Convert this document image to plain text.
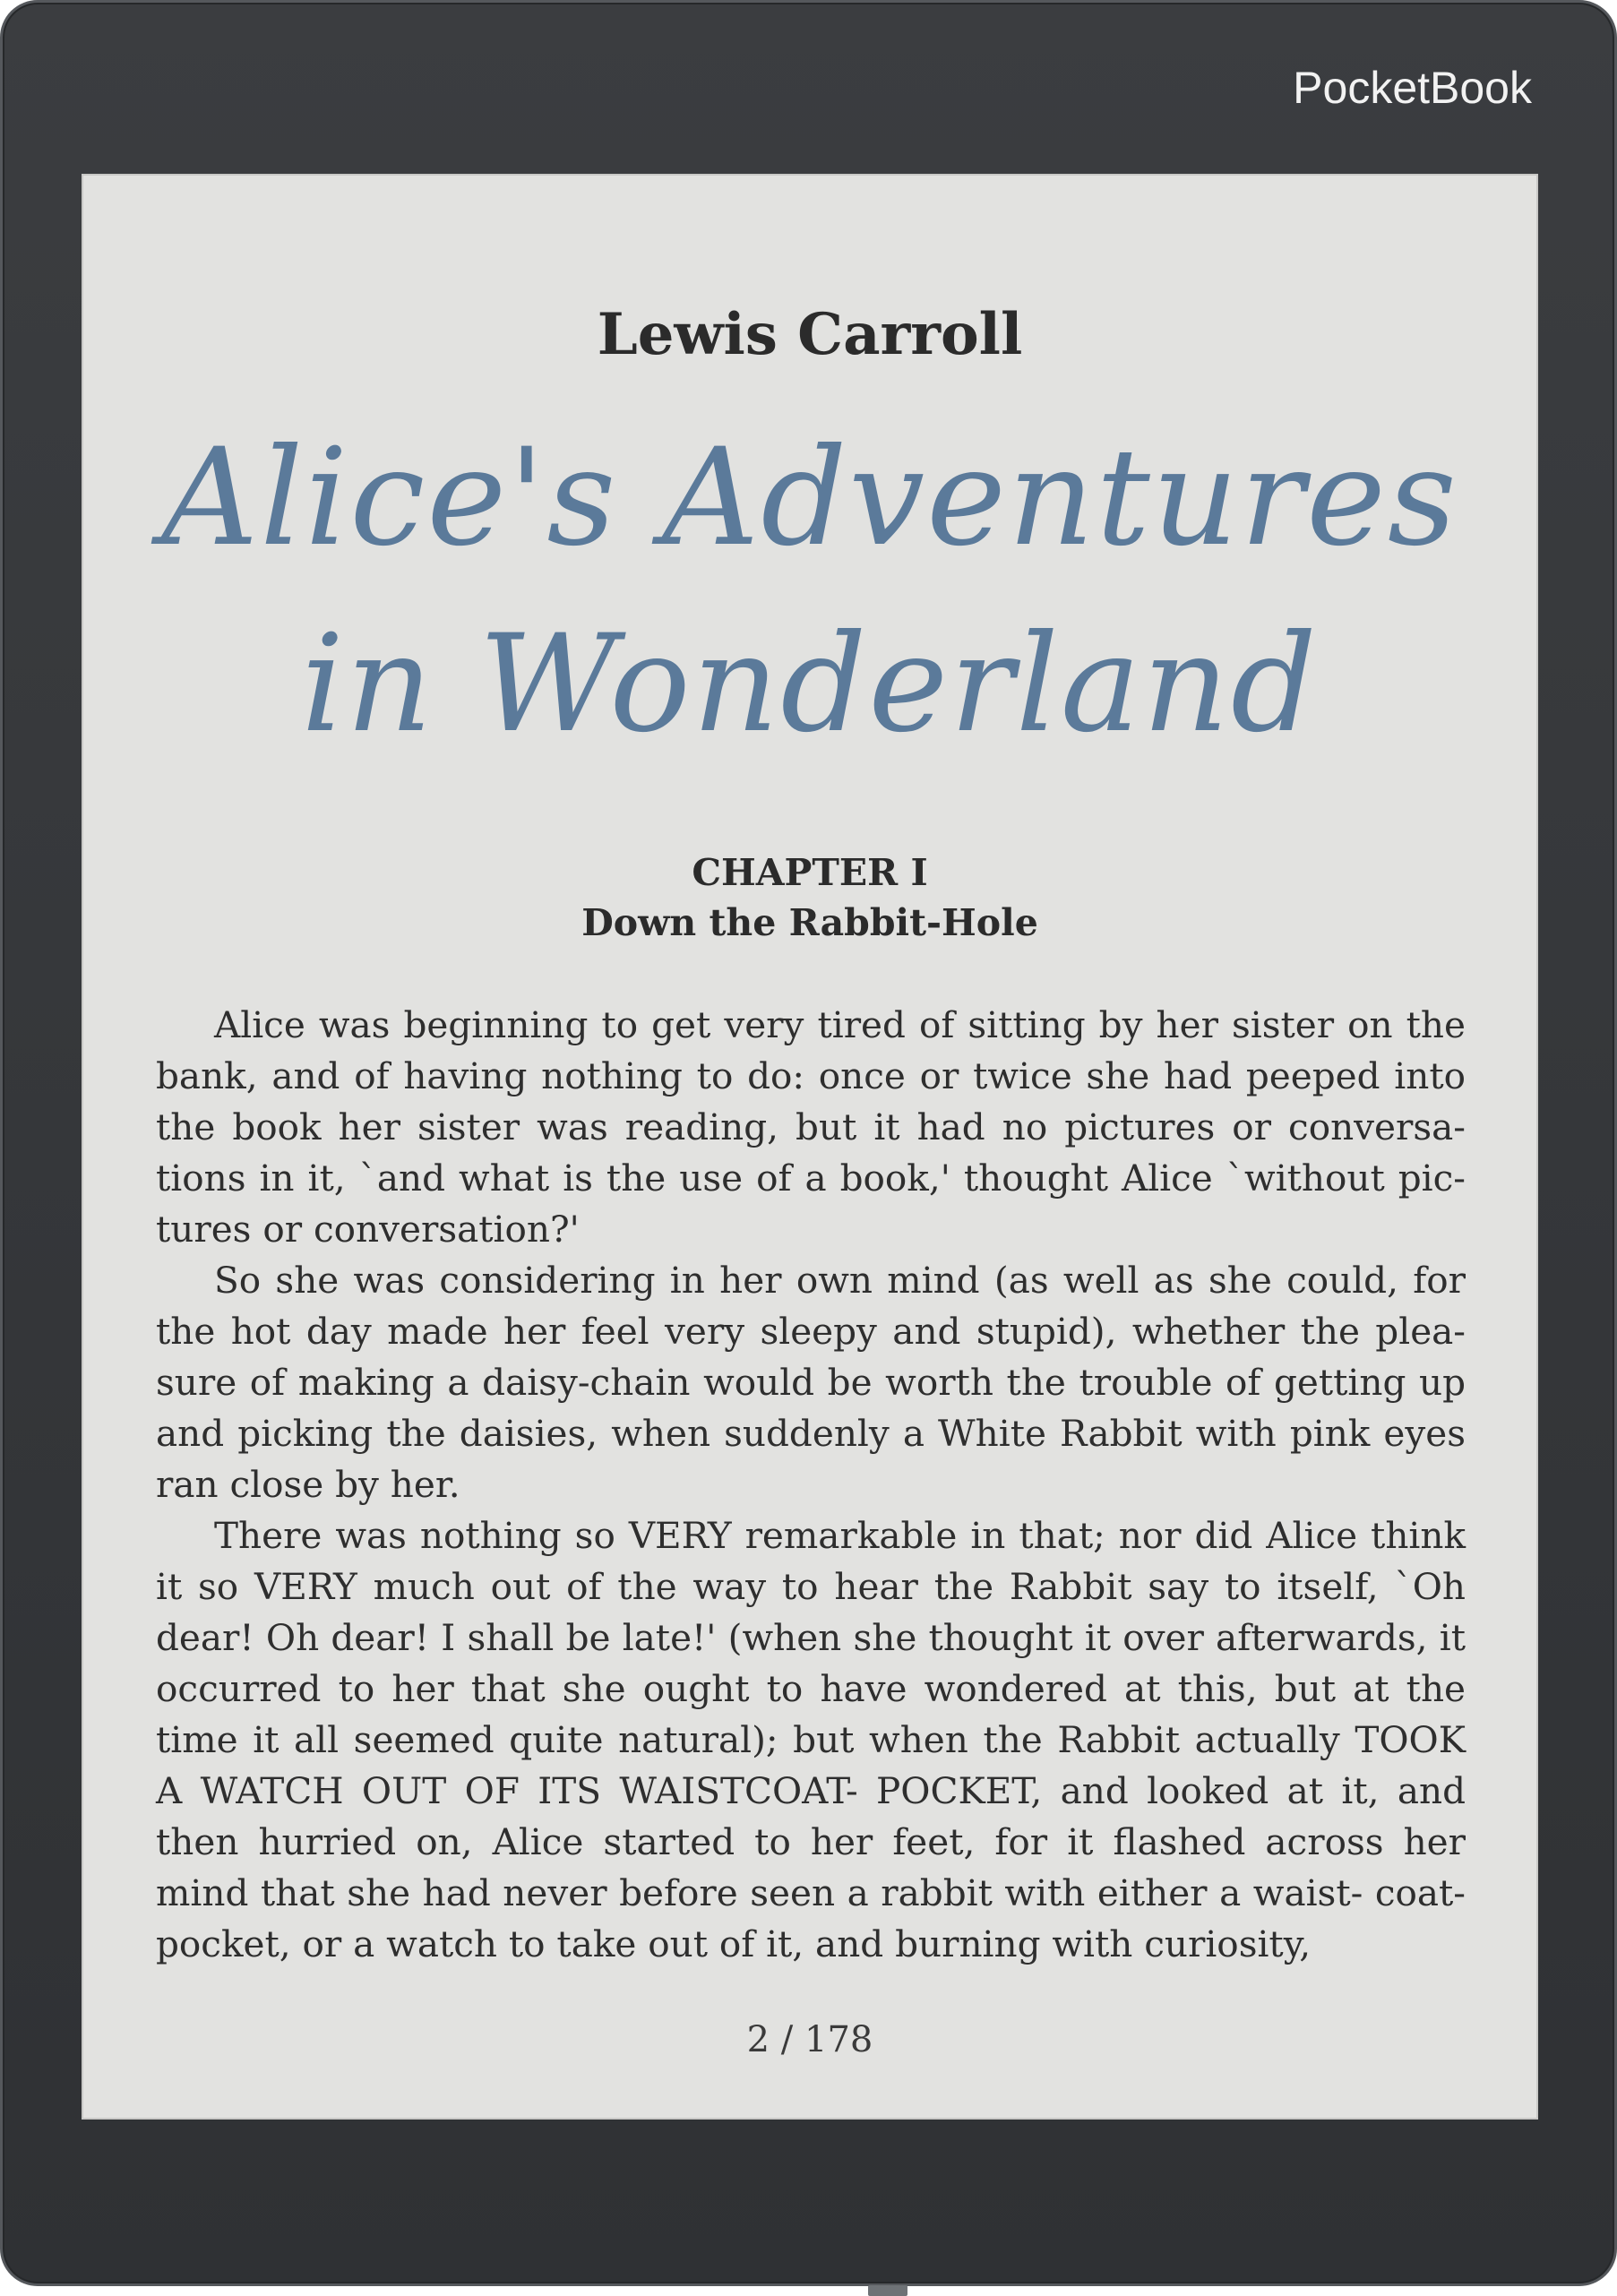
PocketBook
Lewis Carroll
Alice's Adventures in Wonderland
CHAPTER I
Down the Rabbit-Hole

Alice was beginning to get very tired of sitting by her sister on the bank, and of having nothing to do: once or twice she had peeped into the book her sister was reading, but it had no pictures or conversa- tions in it, `and what is the use of a book,' thought Alice `without pic- tures or conversation?'

So she was considering in her own mind (as well as she could, for the hot day made her feel very sleepy and stupid), whether the plea- sure of making a daisy-chain would be worth the trouble of getting up and picking the daisies, when suddenly a White Rabbit with pink eyes ran close by her.

There was nothing so VERY remarkable in that; nor did Alice think it so VERY much out of the way to hear the Rabbit say to itself, `Oh dear! Oh dear! I shall be late!' (when she thought it over afterwards, it occurred to her that she ought to have wondered at this, but at the time it all seemed quite natural); but when the Rabbit actually TOOK A WATCH OUT OF ITS WAISTCOAT- POCKET, and looked at it, and then hurried on, Alice started to her feet, for it flashed across her mind that she had never before seen a rabbit with either a waist- coat-pocket, or a watch to take out of it, and burning with curiosity,

2 / 178
